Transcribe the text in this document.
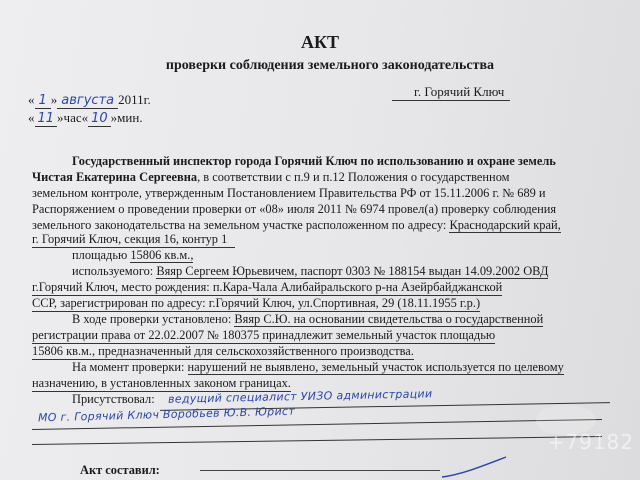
АКТ
проверки соблюдения земельного законодательства
« 1 » августа 2011г.
г. Горячий Ключ
« 11 »час« 10 »мин.
Государственный инспектор города Горячий Ключ по использованию и охране земель
Чистая Екатерина Сергеевна, в соответствии с п.9 и п.12 Положения о государственном
земельном контроле, утвержденным Постановлением Правительства РФ от 15.11.2006 г. № 689 и
Распоряжением о проведении проверки от «08» июля 2011 № 6974 провел(а) проверку соблюдения
земельного законодательства на земельном участке расположенном по адресу: Краснодарский край,
г. Горячий Ключ, секция 16, контур 1
площадью 15806 кв.м.,
используемого: Вяяр Сергеем Юрьевичем, паспорт 0303 № 188154 выдан 14.09.2002 ОВД
г.Горячий Ключ, место рождения: п.Кара-Чала Алибайральского р-на Азейрбайджанской
ССР, зарегистрирован по адресу: г.Горячий Ключ, ул.Спортивная, 29 (18.11.1955 г.р.)
В ходе проверки установлено: Вяяр С.Ю. на основании свидетельства о государственной
регистрации права от 22.02.2007 № 180375 принадлежит земельный участок площадью
15806 кв.м., предназначенный для сельскохозяйственного производства.
На момент проверки: нарушений не выявлено, земельный участок используется по целевому
назначению, в установленных законом границах.
Присутствовал: ведущий специалист УИЗО администрации
МО г. Горячий Ключ Воробьев Ю.В. Юрист
Акт составил:
+79182
